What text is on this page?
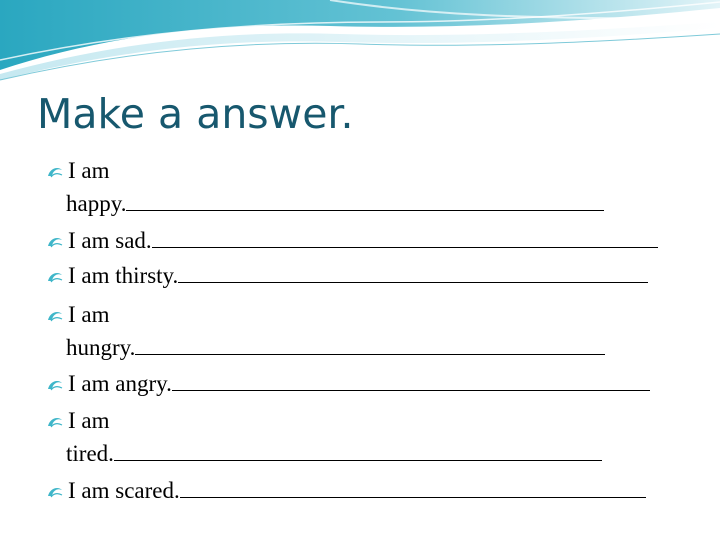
Make a answer.
I am
happy.
I am sad.
I am thirsty.
I am
hungry.
I am angry.
I am
tired.
I am scared.
